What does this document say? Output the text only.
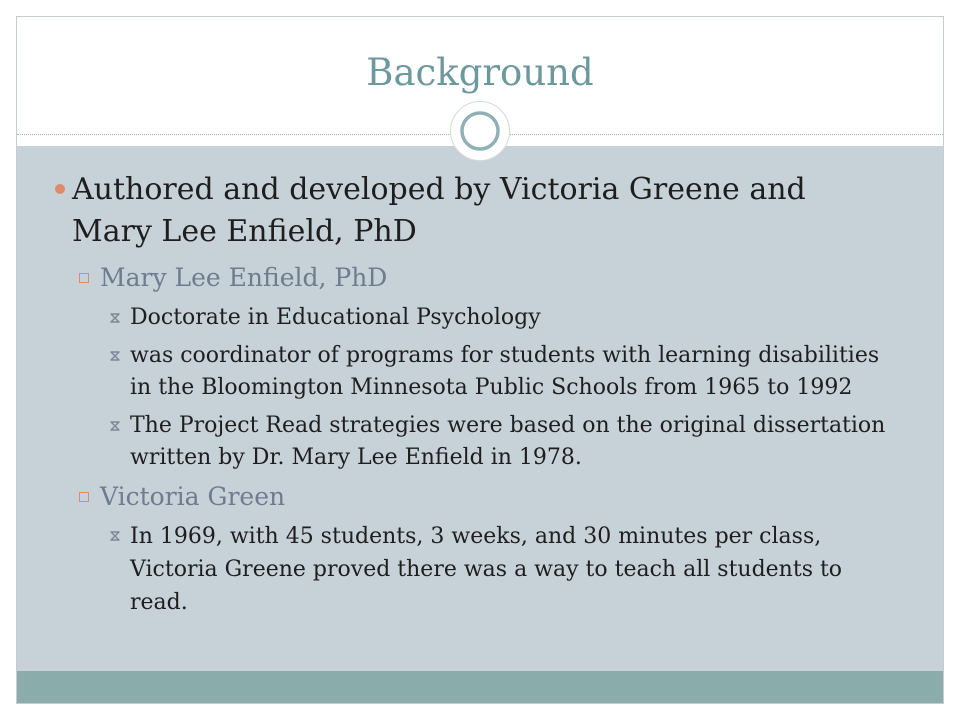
Background
Authored and developed by Victoria Greene and
Mary Lee Enfield, PhD
Mary Lee Enfield, PhD
Doctorate in Educational Psychology
was coordinator of programs for students with learning disabilities
in the Bloomington Minnesota Public Schools from 1965 to 1992
The Project Read strategies were based on the original dissertation
written by Dr. Mary Lee Enfield in 1978.
Victoria Green
In 1969, with 45 students, 3 weeks, and 30 minutes per class,
Victoria Greene proved there was a way to teach all students to
read.
